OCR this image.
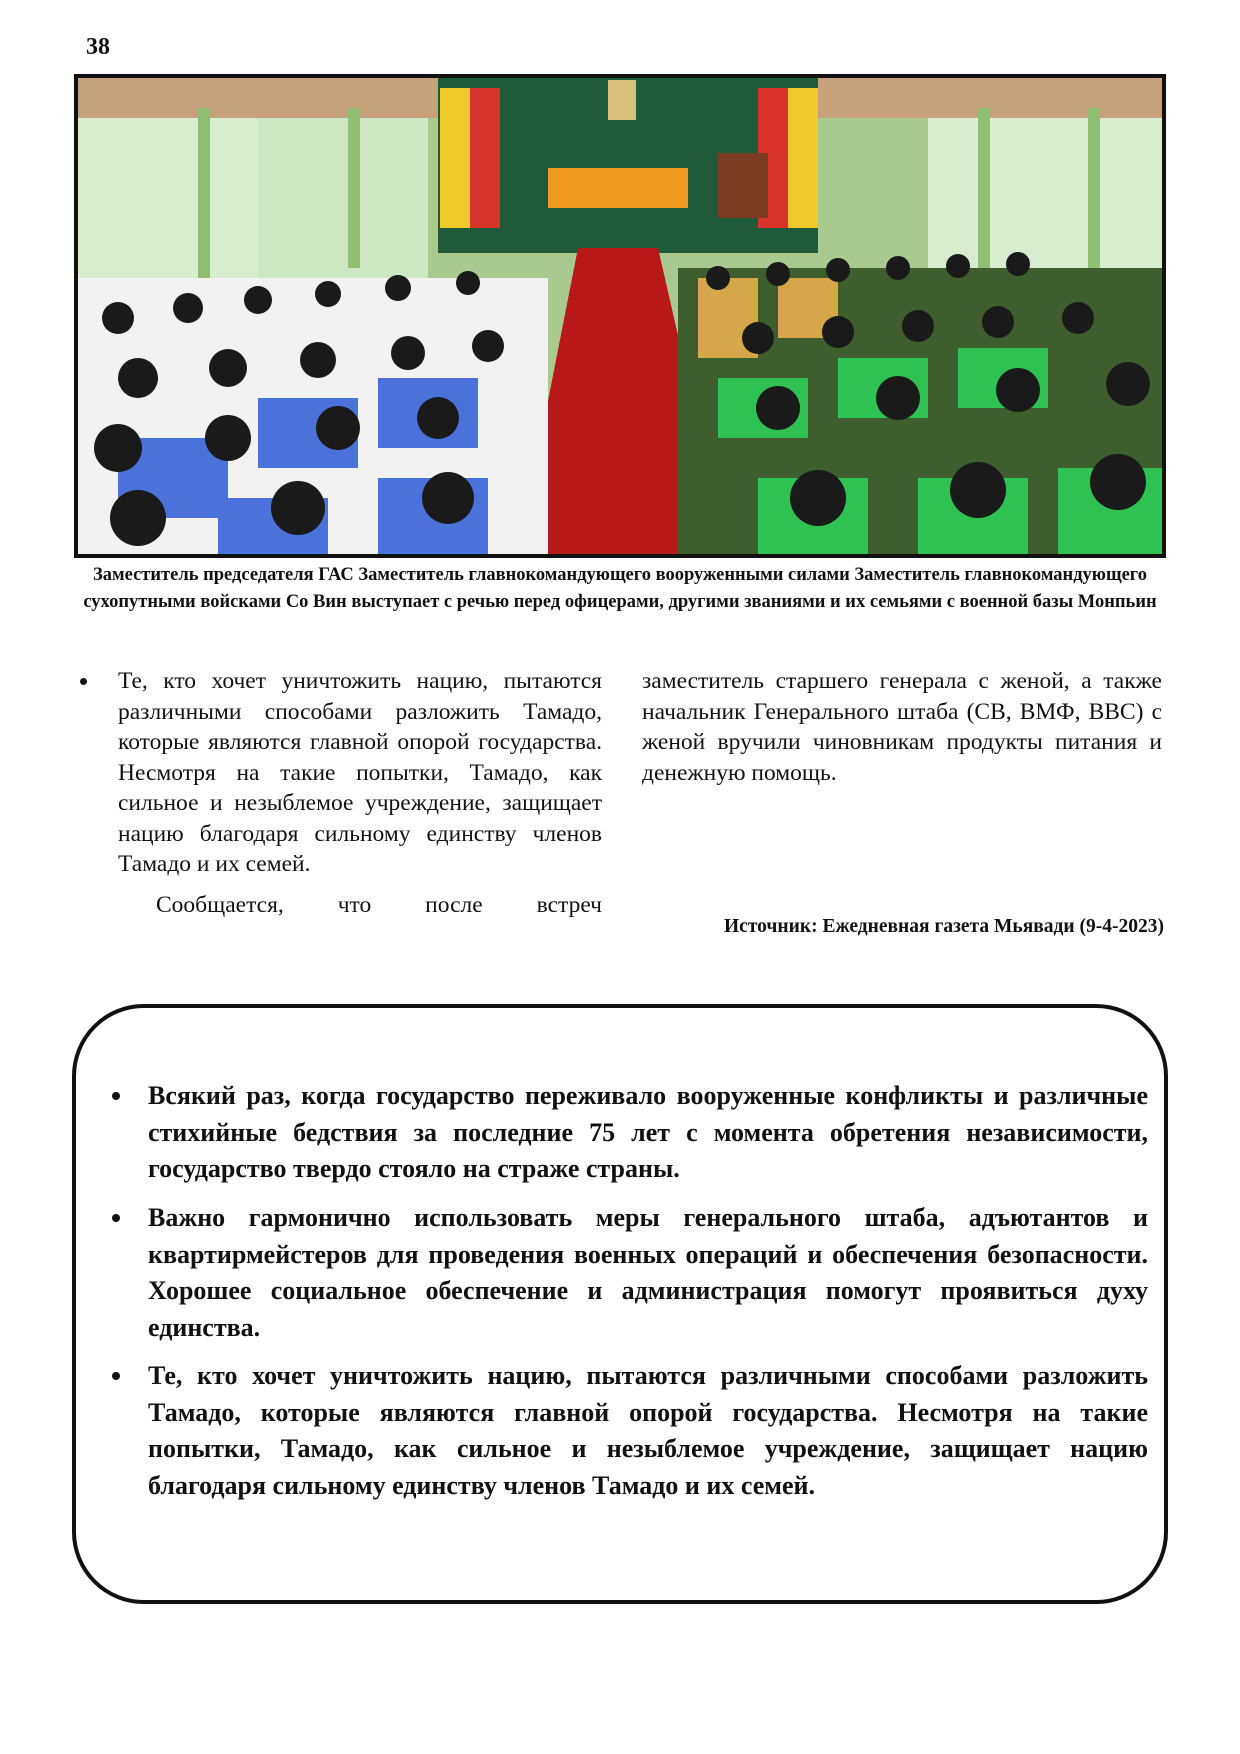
38
Заместитель председателя ГАС Заместитель главнокомандующего вооруженными силами Заместитель главнокомандующего сухопутными войсками Со Вин выступает с речью перед офицерами, другими званиями и их семьями с военной базы Монпьин

Те, кто хочет уничтожить нацию, пытаются различными способами разложить Тамадо, которые являются главной опорой государства. Несмотря на такие попытки, Тамадо, как сильное и незыблемое учреждение, защищает нацию благодаря сильному единству членов Тамадо и их семей.

Сообщается, что после встреч

заместитель старшего генерала с женой, а также начальник Генерального штаба (СВ, ВМФ, ВВС) с женой вручили чиновникам продукты питания и денежную помощь.

Источник: Ежедневная газета Мьявади (9-4-2023)
Всякий раз, когда государство переживало вооруженные конфликты и различные стихийные бедствия за последние 75 лет с момента обретения независимости, государство твердо стояло на страже страны.
Важно гармонично использовать меры генерального штаба, адъютантов и квартирмейстеров для проведения военных операций и обеспечения безопасности. Хорошее социальное обеспечение и администрация помогут проявиться духу единства.
Те, кто хочет уничтожить нацию, пытаются различными способами разложить Тамадо, которые являются главной опорой государства. Несмотря на такие попытки, Тамадо, как сильное и незыблемое учреждение, защищает нацию благодаря сильному единству членов Тамадо и их семей.
